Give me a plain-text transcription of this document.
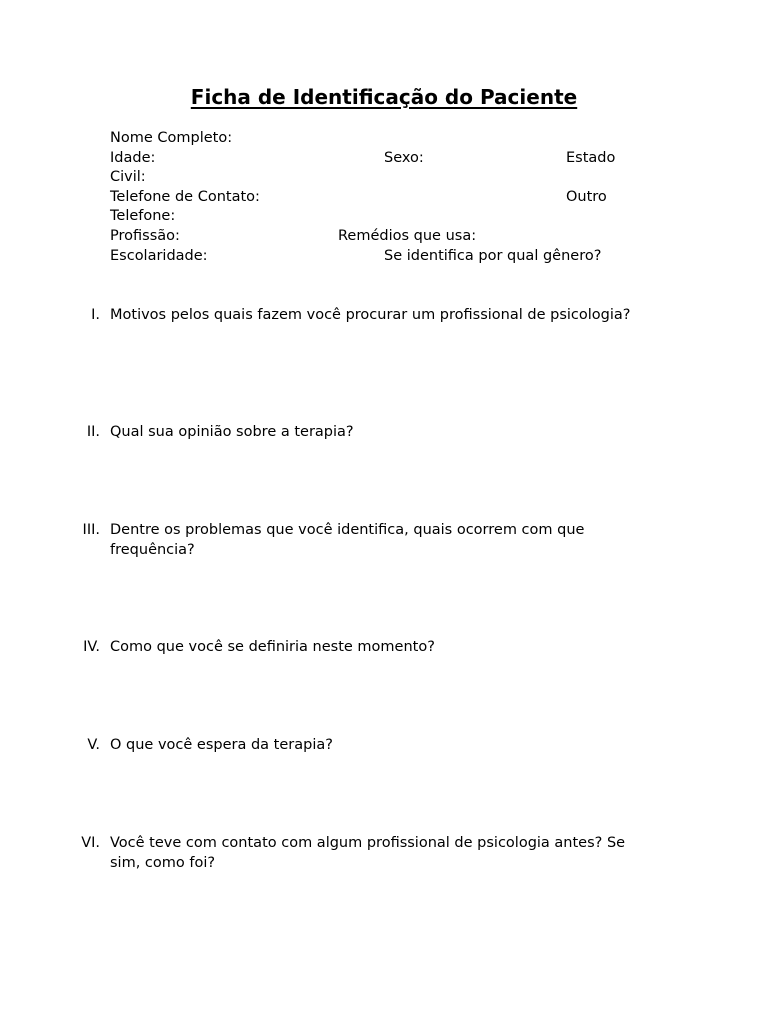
Ficha de Identificação do Paciente
Nome Completo:
Idade:	Sexo:	Estado
Civil:
Telefone de Contato:	Outro
Telefone:
Profissão:	Remédios que usa:
Escolaridade:	Se identifica por qual gênero?
I. Motivos pelos quais fazem você procurar um profissional de psicologia?
II. Qual sua opinião sobre a terapia?
III. Dentre os problemas que você identifica, quais ocorrem com que frequência?
IV. Como que você se definiria neste momento?
V. O que você espera da terapia?
VI. Você teve com contato com algum profissional de psicologia antes? Se sim, como foi?
